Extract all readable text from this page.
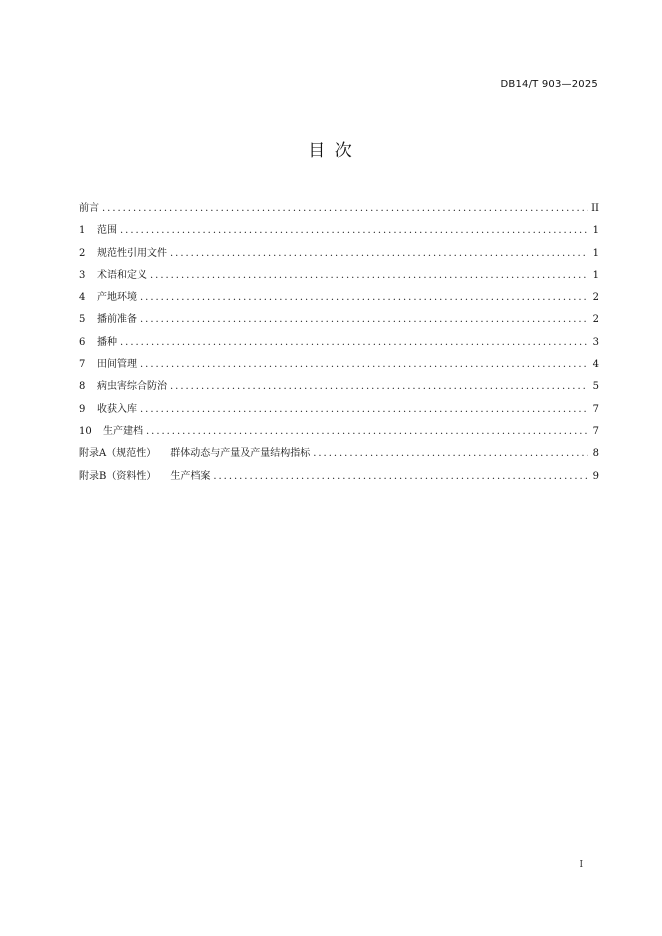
DB14/T 903—2025
目 次
前言 . . .	II
1	范围 . . .	1
2	规范性引用文件 . . .	1
3	术语和定义 . . .	1
4	产地环境 . . .	2
5	播前准备 . . .	2
6	播种 . . .	3
7	田间管理 . . .	4
8	病虫害综合防治 . . .	5
9	收获入库 . . .	7
10	生产建档 . . .	7
附录A（规范性） 群体动态与产量及产量结构指标 . . .	8
附录B（资料性） 生产档案 . . .	9
I
